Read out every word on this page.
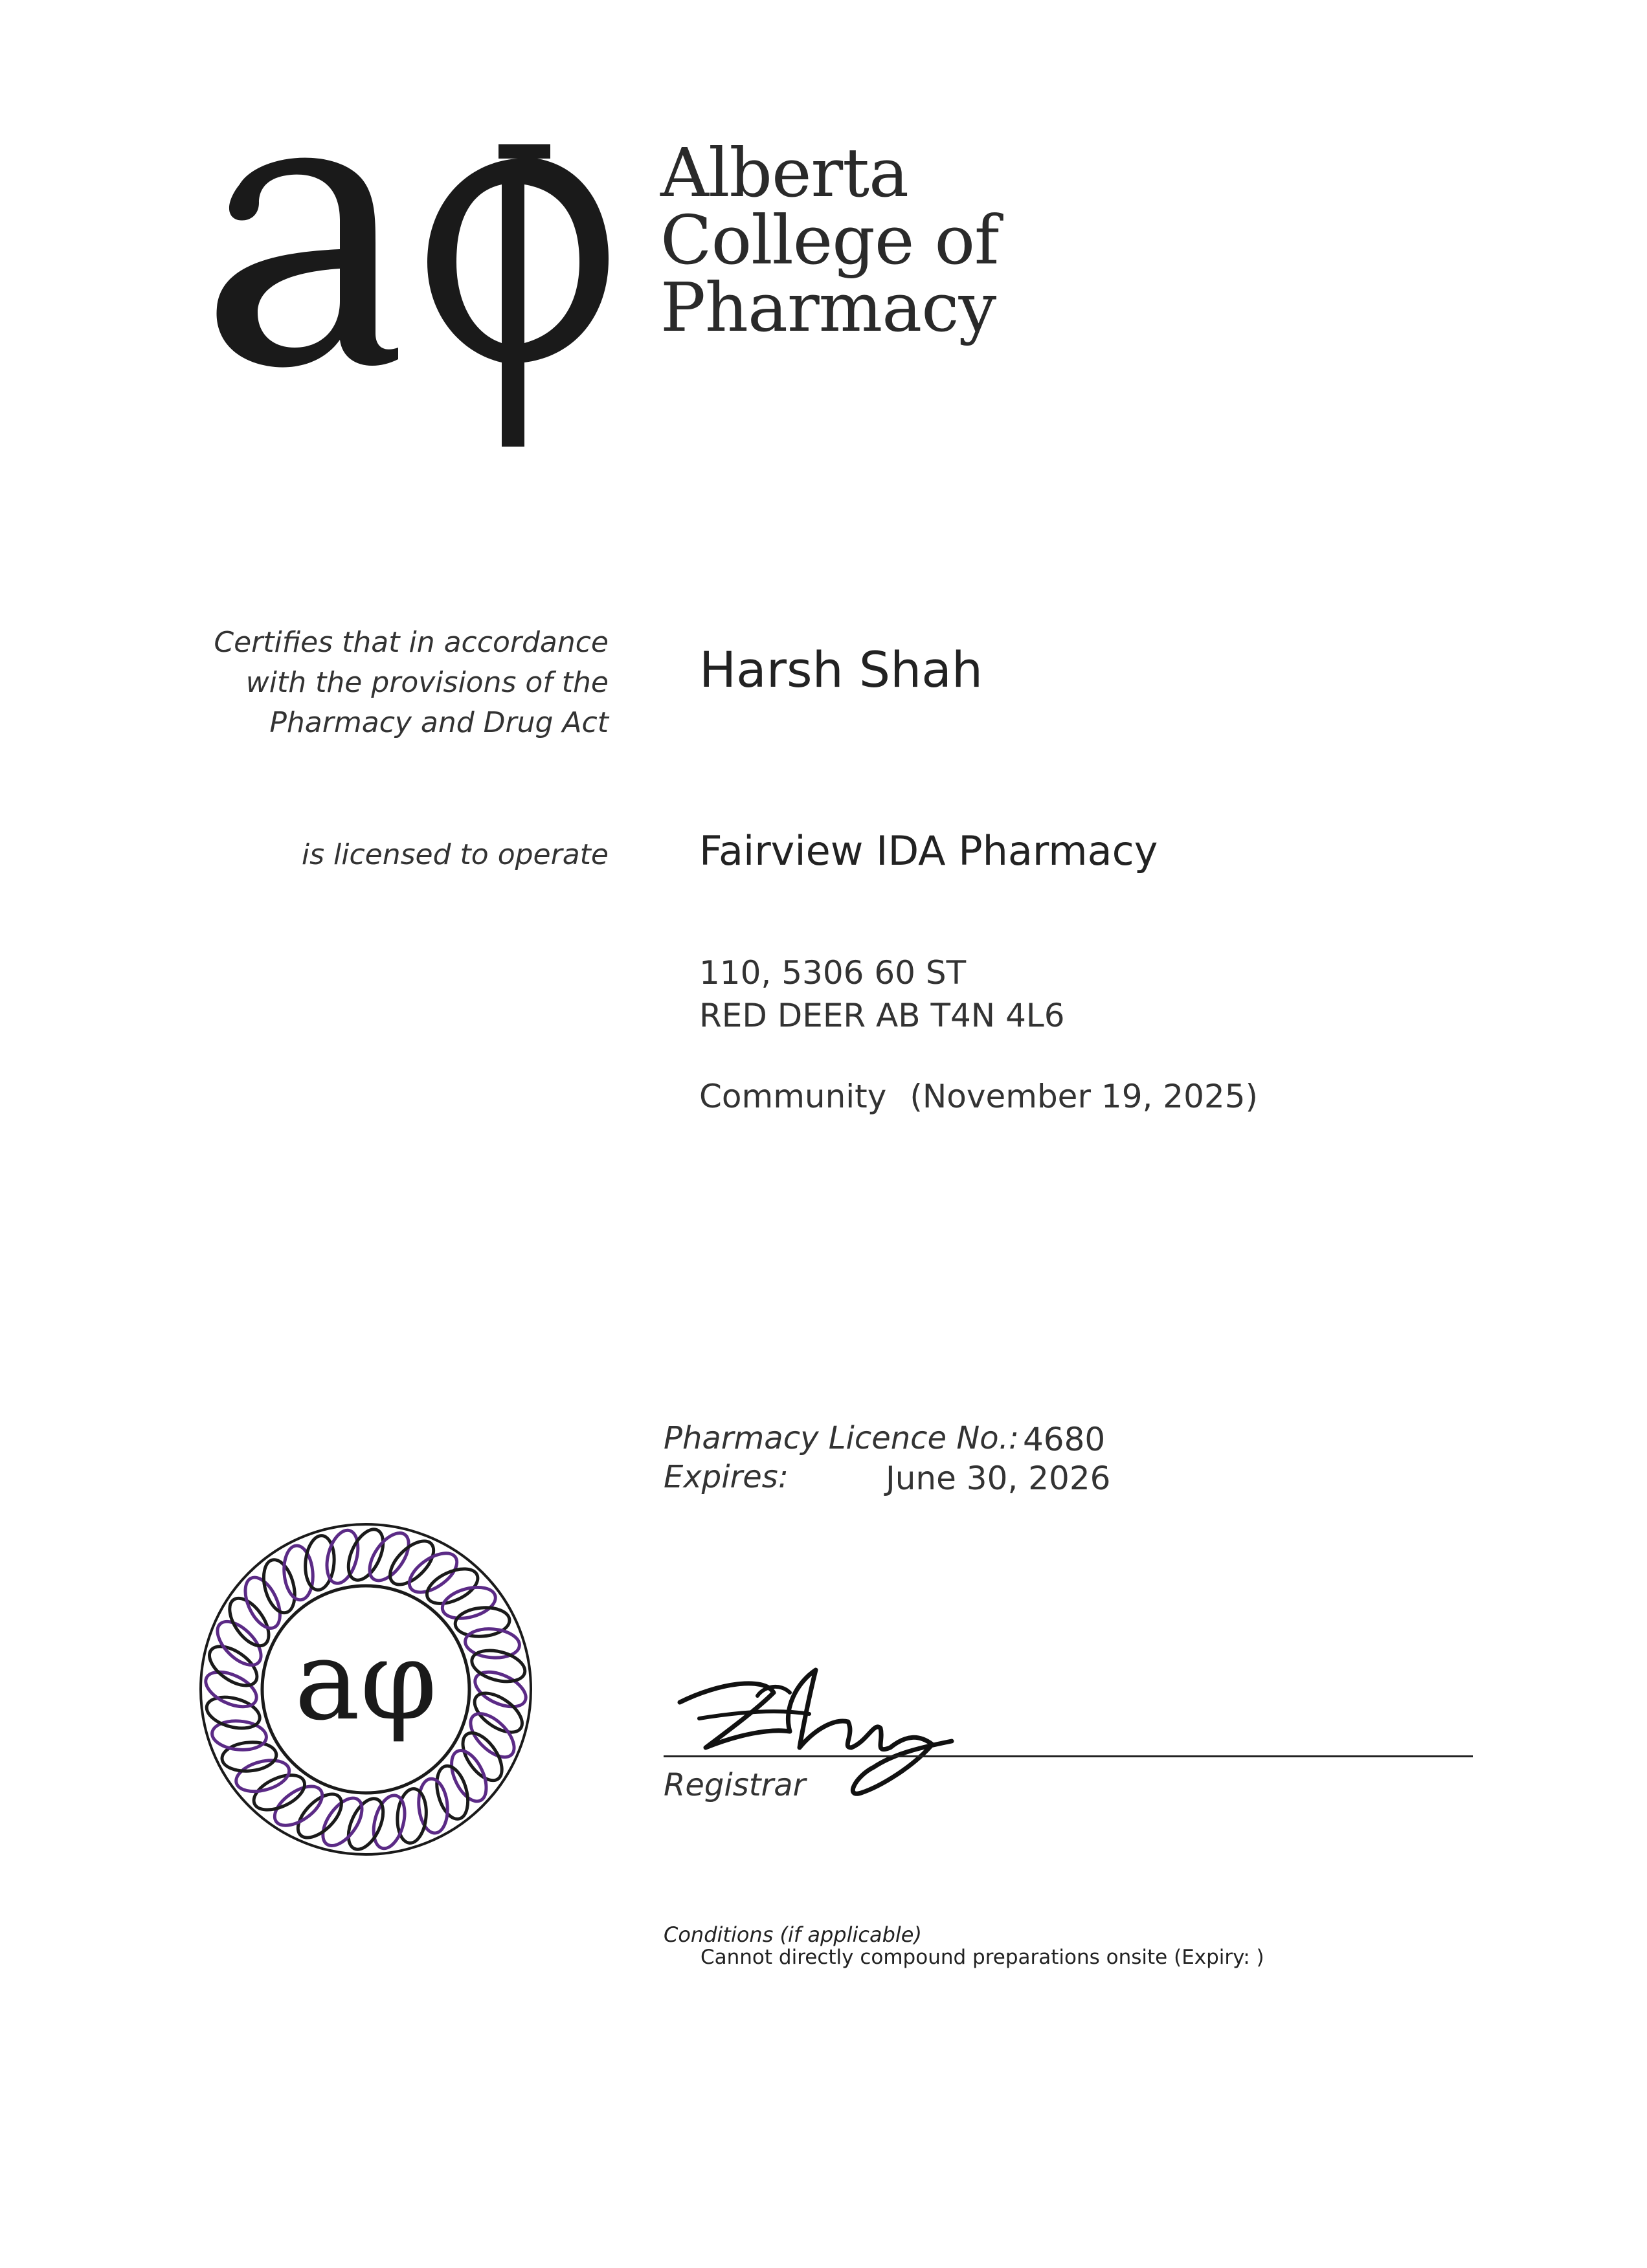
Alberta
College of
Pharmacy
Certifies that in accordance
with the provisions of the
Pharmacy and Drug Act
Harsh Shah
is licensed to operate Fairview IDA Pharmacy
110, 5306 60 ST
RED DEER AB T4N 4L6
Community (November 19, 2025)
Pharmacy Licence No.: 4680
Expires:	June 30, 2026
aφ
Registrar
Conditions (if applicable)
Cannot directly compound preparations onsite (Expiry: )
